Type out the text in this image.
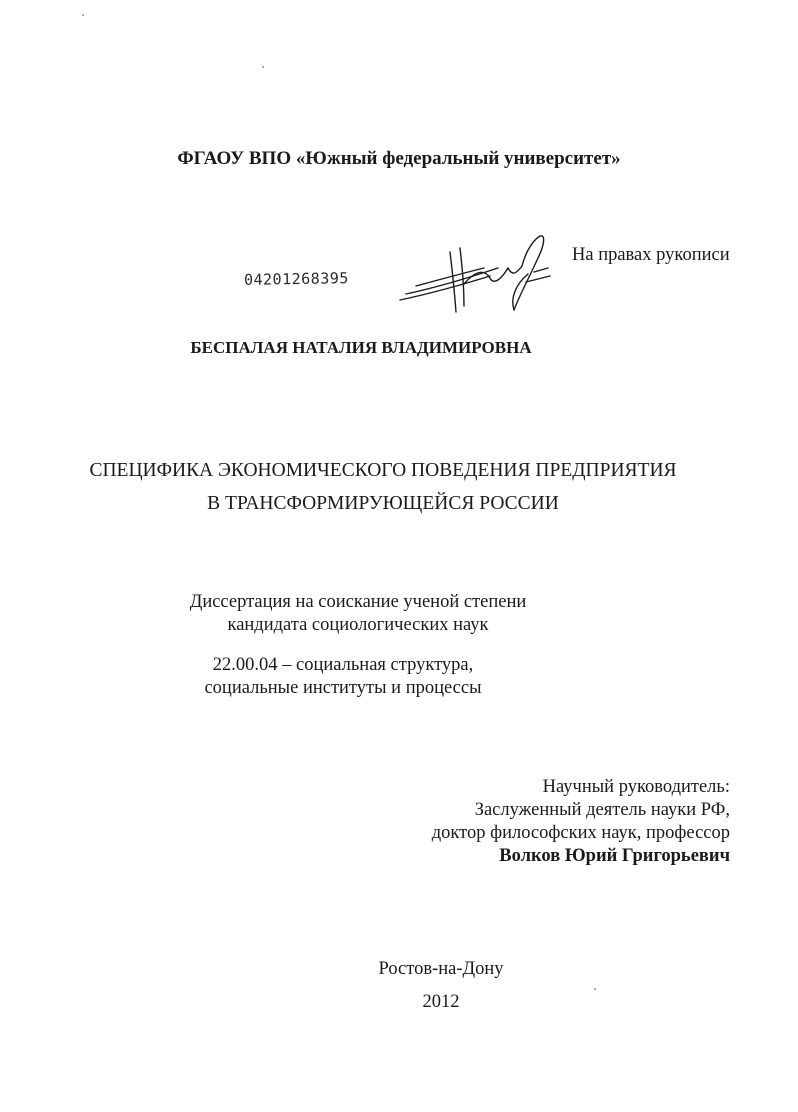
ФГАОУ ВПО «Южный федеральный университет»
На правах рукописи
04201268395
БЕСПАЛАЯ НАТАЛИЯ ВЛАДИМИРОВНА
СПЕЦИФИКА ЭКОНОМИЧЕСКОГО ПОВЕДЕНИЯ ПРЕДПРИЯТИЯ
В ТРАНСФОРМИРУЮЩЕЙСЯ РОССИИ
Диссертация на соискание ученой степени
кандидата социологических наук
22.00.04 – социальная структура,
социальные институты и процессы
Научный руководитель:
Заслуженный деятель науки РФ,
доктор философских наук, профессор
Волков Юрий Григорьевич
Ростов-на-Дону
2012
